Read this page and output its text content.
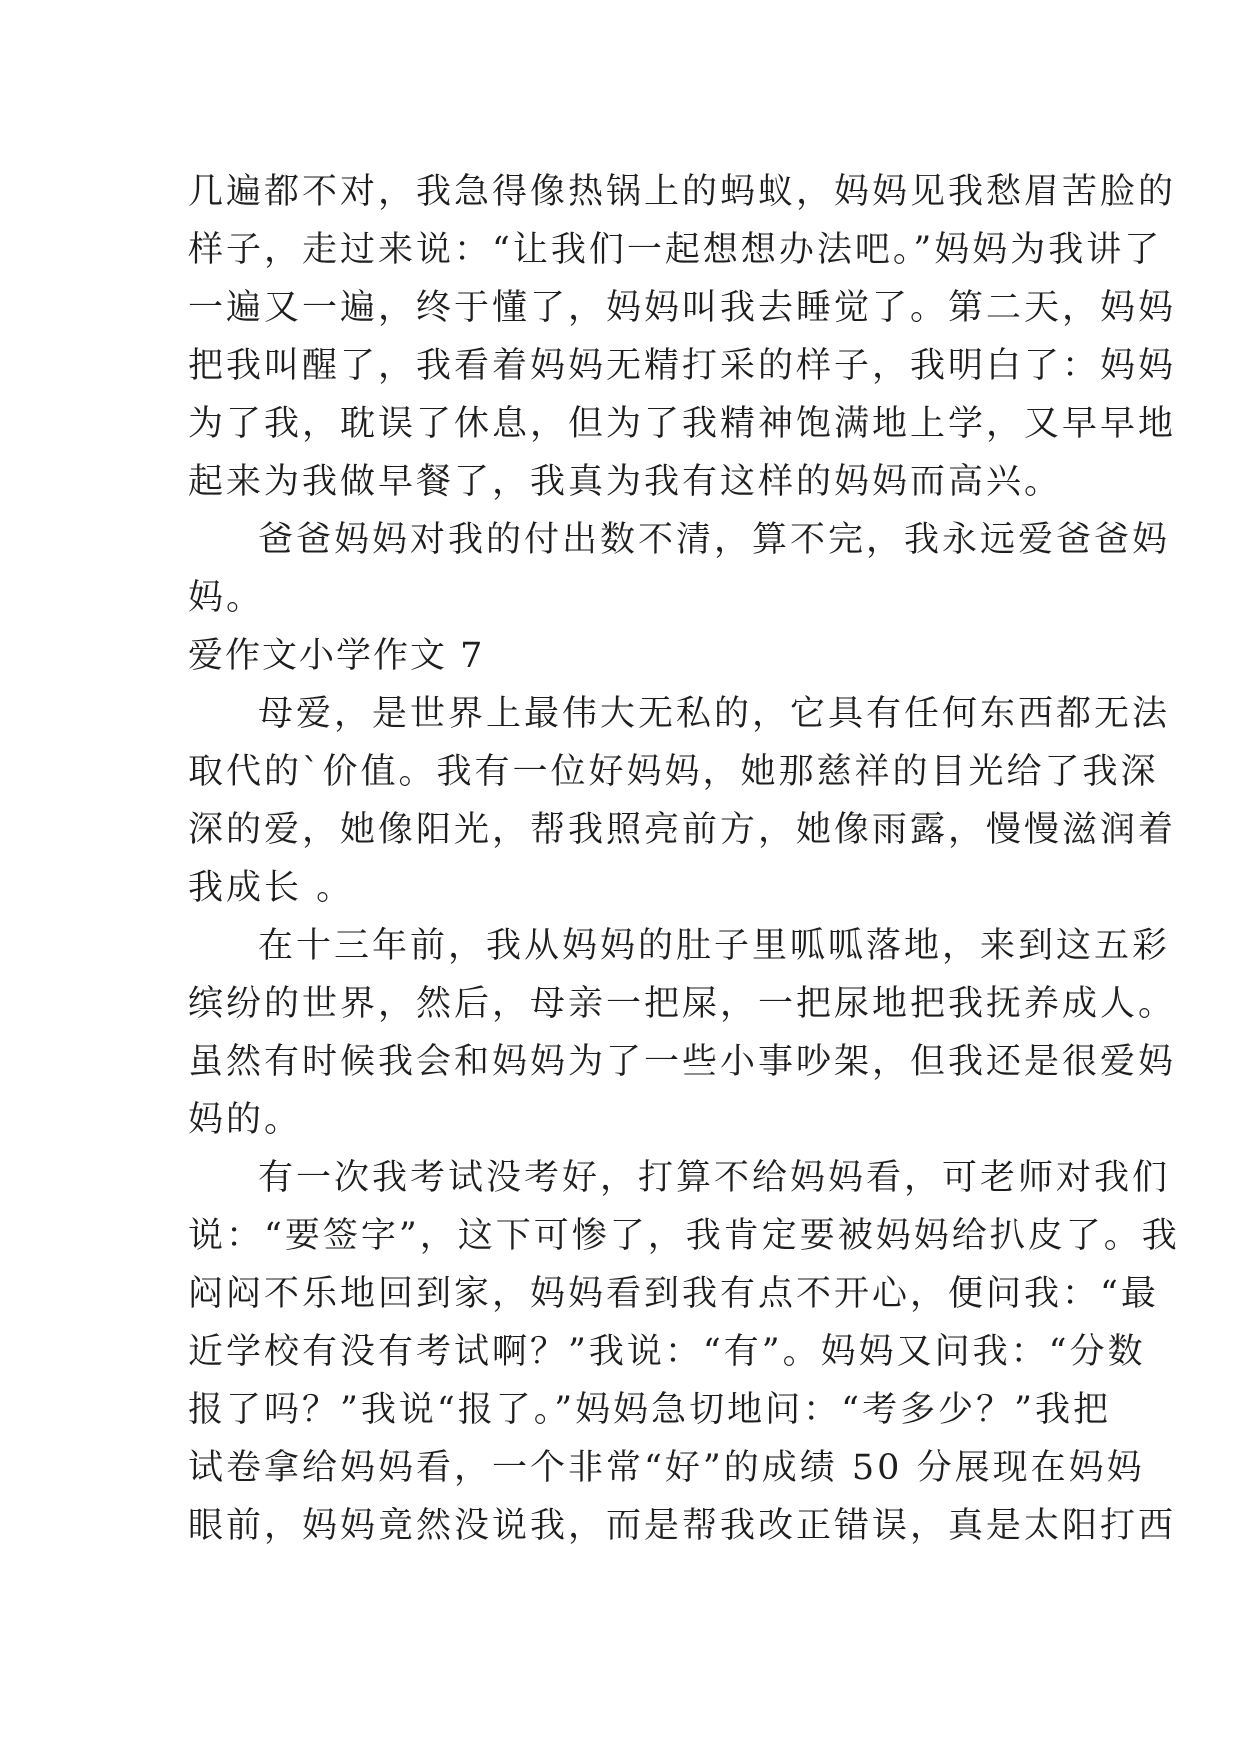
几遍都不对，我急得像热锅上的蚂蚁，妈妈见我愁眉苦脸的
样子，走过来说：“让我们一起想想办法吧。”妈妈为我讲了
一遍又一遍，终于懂了，妈妈叫我去睡觉了。第二天，妈妈
把我叫醒了，我看着妈妈无精打采的样子，我明白了：妈妈
为了我，耽误了休息，但为了我精神饱满地上学，又早早地
起来为我做早餐了，我真为我有这样的妈妈而高兴。
爸爸妈妈对我的付出数不清，算不完，我永远爱爸爸妈
妈。
爱作文小学作文 7
母爱，是世界上最伟大无私的，它具有任何东西都无法
取代的`价值。我有一位好妈妈，她那慈祥的目光给了我深
深的爱，她像阳光，帮我照亮前方，她像雨露，慢慢滋润着
我成长 。
在十三年前，我从妈妈的肚子里呱呱落地，来到这五彩
缤纷的世界，然后，母亲一把屎，一把尿地把我抚养成人。
虽然有时候我会和妈妈为了一些小事吵架，但我还是很爱妈
妈的。
有一次我考试没考好，打算不给妈妈看，可老师对我们
说：“要签字”，这下可惨了，我肯定要被妈妈给扒皮了。我
闷闷不乐地回到家，妈妈看到我有点不开心，便问我：“最
近学校有没有考试啊？”我说：“有”。妈妈又问我：“分数
报了吗？”我说“报了。”妈妈急切地问：“考多少？”我把
试卷拿给妈妈看，一个非常“好”的成绩 50 分展现在妈妈
眼前，妈妈竟然没说我，而是帮我改正错误，真是太阳打西
